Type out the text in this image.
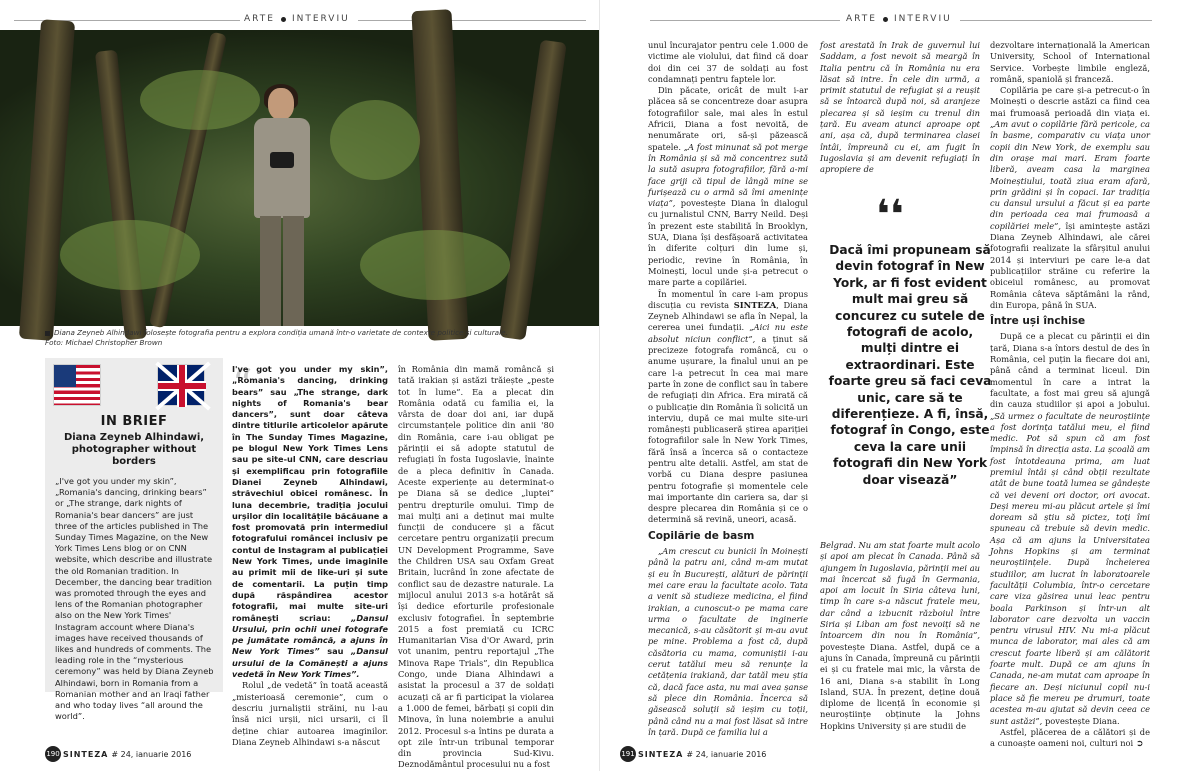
ARTE INTERVIU
Diana Zeyneb Alhindawi folosește fotografia pentru a explora condiția umană într-o varietate de contexte politice și culturale.
Foto: Michael Christopher Brown
IN BRIEF
Diana Zeyneb Alhindawi, photographer without borders
„I've got you under my skin”, „Romania's dancing, drinking bears” or „The strange, dark nights of Romania's bear dancers” are just three of the articles published in The Sunday Times Magazine, on the New York Times Lens blog or on CNN website, which describe and illustrate the old Romanian tradition. In December, the dancing bear tradition was promoted through the eyes and lens of the Romanian photographer also on the New York Times' Instagram account where Diana's images have received thousands of likes and hundreds of comments. The leading role in the “mysterious ceremony” was held by Diana Zeyneb Alhindawi, born in Romania from a Romanian mother and an Iraqi father and who today lives “all around the world”.
“

I've got you under my skin”, „Romania's dancing, drinking bears” sau „The strange, dark nights of Romania's bear dancers”, sunt doar câteva dintre titlurile articolelor apărute în The Sunday Times Magazine, pe blogul New York Times Lens sau pe site-ul CNN, care descriau și exemplificau prin fotografiile Dianei Zeyneb Alhindawi, străvechiul obicei românesc. În luna decembrie, tradiția jocului urșilor din localitățile băcăuane a fost promovată prin intermediul fotografului româncei inclusiv pe contul de Instagram al publicației New York Times, unde imaginile au primit mii de like-uri și sute de comentarii. La puțin timp după răspândirea acestor fotografii, mai multe site-uri românești scriau:	„Dansul Ursului, prin ochii unei fotografe pe jumătate româncă, a ajuns în New York Times” sau „Dansul ursului de la Comănești a ajuns vedetă în New York Times”.

Rolul „de vedetă” în toată această „misterioasă ceremonie”, cum o descriu jurnaliștii străini, nu l-au însă nici urșii, nici ursarii, ci îl deține chiar autoarea imaginilor. Diana Zeyneb Alhindawi s-a născut

în România din mamă româncă și tată irakian și astăzi trăiește „peste tot în lume”. Ea a plecat din România odată cu familia ei, la vârsta de doar doi ani, iar după circumstanțele politice din anii '80 din România, care i-au obligat pe părinții ei să adopte statutul de refugiați în fosta Iugoslavie, înainte de a pleca definitiv în Canada. Aceste experiențe au determinat-o pe Diana să se dedice „luptei” pentru drepturile omului. Timp de mai mulți ani a deținut mai multe funcții de conducere și a făcut cercetare pentru organizații precum UN Development Programme, Save the Children USA sau Oxfam Great Britain, lucrând în zone afectate de conflict sau de dezastre naturale. La mijlocul anului 2013 s-a hotărât să își dedice eforturile profesionale exclusiv fotografiei. În septembrie 2015 a fost premiată cu ICRC Humanitarian Visa d'Or Award, prin vot unanim, pentru reportajul „The Minova Rape Trials”, din Republica Congo, unde Diana Alhindawi a asistat la procesul a 37 de soldați acuzați că ar fi participat la violarea a 1.000 de femei, bărbați și copii din Minova, în luna noiembrie a anului 2012. Procesul s-a întins pe durata a opt zile într-un tribunal temporar din provincia Sud-Kivu. Deznodământul procesului nu a fost

190 SINTEZA # 24, ianuarie 2016
ARTE INTERVIU

unul încurajator pentru cele 1.000 de victime ale violului, dat fiind că doar doi din cei 37 de soldați au fost condamnați pentru faptele lor.

Din păcate, oricât de mult i-ar plăcea să se concentreze doar asupra fotografiilor sale, mai ales în estul Africii, Diana a fost nevoită, de nenumărate ori, să-și păzească spatele. „A fost minunat să pot merge în România și să mă concentrez sută la sută asupra fotografiilor, fără a-mi face griji că tipul de lângă mine se furișează cu o armă să îmi amenințe viața”, povestește Diana în dialogul cu jurnalistul CNN, Barry Neild. Deși în prezent este stabilită în Brooklyn, SUA, Diana își desfășoară activitatea în diferite colțuri din lume și, periodic, revine în România, în Moinești, locul unde și-a petrecut o mare parte a copilăriei.

În momentul în care i-am propus discuția cu revista SINTEZA, Diana Zeyneb Alhindawi se afla în Nepal, la cererea unei fundații. „Aici nu este absolut niciun conflict”, a ținut să precizeze fotografa româncă, cu o anume ușurare, la finalul unui an pe care l-a petrecut în cea mai mare parte în zone de conflict sau în tabere de refugiați din Africa. Era mirată că o publicație din România îi solicită un interviu, după ce mai multe site-uri românești publicaseră știrea apariției fotografiilor sale în New York Times, fără însă a încerca să o contacteze pentru alte detalii. Astfel, am stat de vorbă cu Diana despre pasiunea pentru fotografie și momentele cele mai importante din cariera sa, dar și despre plecarea din România și ce o determină să revină, uneori, acasă.

Copilărie de basm

„Am crescut cu bunicii în Moinești până la patru ani, când m-am mutat și eu în București, alături de părinții mei care erau la facultate acolo. Tata a venit să studieze medicina, el fiind irakian, a cunoscut-o pe mama care urma o facultate de inginerie mecanică, s-au căsătorit și m-au avut pe mine. Problema a fost că, după căsătoria cu mama, comuniștii i-au cerut tatălui meu să renunțe la cetățenia irakiană, dar tatăl meu știa că, dacă face asta, nu mai avea șanse să plece din România. Încerca să găsească soluții să ieșim cu toții, până când nu a mai fost lăsat să intre în țară. După ce familia lui a

fost arestată în Irak de guvernul lui Saddam, a fost nevoit să meargă în Italia pentru că în România nu era lăsat să intre. În cele din urmă, a primit statutul de refugiat și a reușit să se întoarcă după noi, să aranjeze plecarea și să ieșim cu trenul din țară. Eu aveam atunci aproape opt ani, așa că, după terminarea clasei întâi, împreună cu ei, am fugit în Iugoslavia și am devenit refugiați în apropiere de

❛❛
Dacă îmi propuneam să devin fotograf în New York, ar fi fost evident mult mai greu să concurez cu sutele de fotografi de acolo, mulți dintre ei extraordinari. Este foarte greu să faci ceva unic, care să te diferențieze. A fi, însă, fotograf în Congo, este ceva la care unii fotografi din New York doar visează”

Belgrad. Nu am stat foarte mult acolo și apoi am plecat în Canada. Până să ajungem în Iugoslavia, părinții mei au mai încercat să fugă în Germania, apoi am locuit în Siria câteva luni, timp în care s-a născut fratele meu, dar când a izbucnit războiul între Siria și Liban am fost nevoiți să ne întoarcem din nou în România”, povestește Diana. Astfel, după ce a ajuns în Canada, împreună cu părinții ei și cu fratele mai mic, la vârsta de 16 ani, Diana s-a stabilit în Long Island, SUA. În prezent, deține două diplome de licență în economie și neuroștiințe obținute la Johns Hopkins University și are studii de

dezvoltare internațională la American University, School of International Service. Vorbește limbile engleză, română, spaniolă și franceză.

Copilăria pe care și-a petrecut-o în Moinești o descrie astăzi ca fiind cea mai frumoasă perioadă din viața ei. „Am avut o copilărie fără pericole, ca în basme, comparativ cu viața unor copii din New York, de exemplu sau din orașe mai mari. Eram foarte liberă, aveam casa la marginea Moineștiului, toată ziua eram afară, prin grădini și în copaci. Iar tradiția cu dansul ursului a făcut și ea parte din perioada cea mai frumoasă a copilăriei mele”, își amintește astăzi Diana Zeyneb Alhindawi, ale cărei fotografii realizate la sfârșitul anului 2014 și interviuri pe care le-a dat publicațiilor străine cu referire la obiceiul românesc, au promovat România câteva săptămâni la rând, din Europa, până în SUA.

Între uși închise

După ce a plecat cu părinții ei din țară, Diana s-a întors destul de des în România, cel puțin la fiecare doi ani, până când a terminat liceul. Din momentul în care a intrat la facultate, a fost mai greu să ajungă din cauza studiilor și apoi a jobului. „Să urmez o facultate de neuroștiințe a fost dorința tatălui meu, el fiind medic. Pot să spun că am fost împinsă în direcția asta. La școală am fost întotdeauna prima, am luat premiul întâi și când obții rezultate atât de bune toată lumea se gândește că vei deveni ori doctor, ori avocat. Deși mereu mi-au plăcut artele și îmi doream să știu să pictez, toți îmi spuneau că trebuie să devin medic. Așa că am ajuns la Universitatea Johns Hopkins și am terminat neuroștiințele. După încheierea studiilor, am lucrat în laboratoarele facultății Columbia, într-o cercetare care viza găsirea unui leac pentru boala Parkinson și într-un alt laborator care dezvolta un vaccin pentru virusul HIV. Nu mi-a plăcut munca de laborator, mai ales că am crescut foarte liberă și am călătorit foarte mult. După ce am ajuns în Canada, ne-am mutat cam aproape în fiecare an. Deși niciunul copil nu-i place să fie mereu pe drumuri, toate acestea m-au ajutat să devin ceea ce sunt astăzi”, povestește Diana.

Astfel, plăcerea de a călători și de a cunoaște oameni noi, culturi noi ➲

191 SINTEZA # 24, ianuarie 2016
